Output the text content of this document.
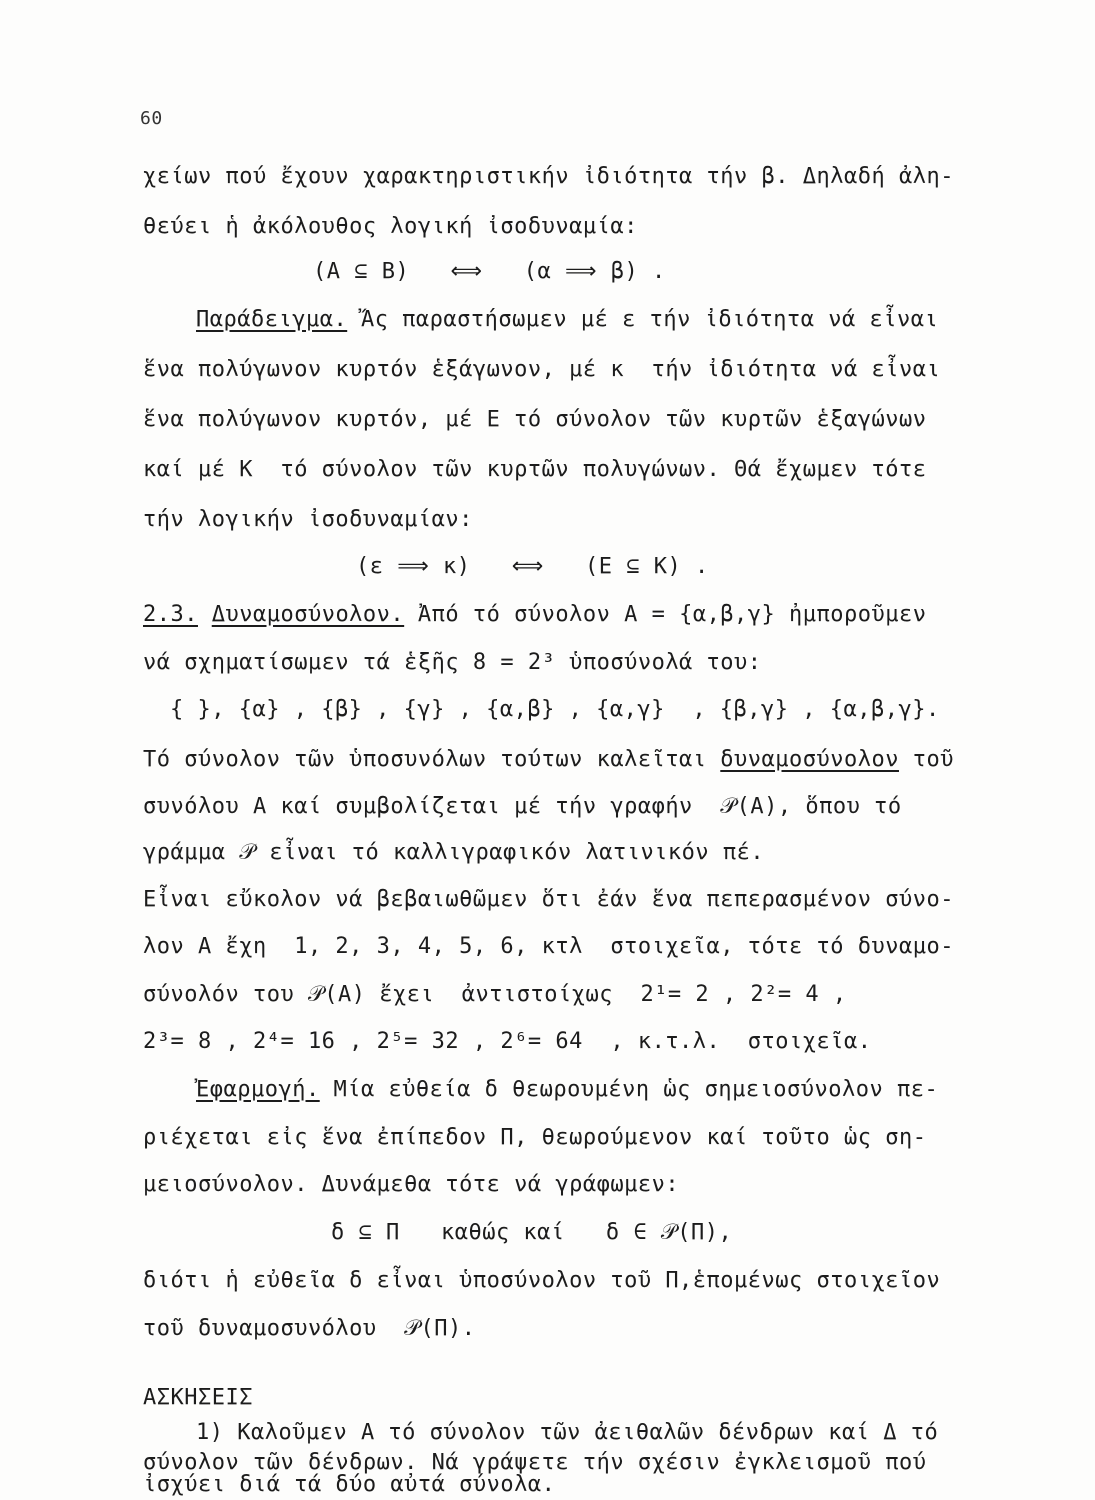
60
χείων πού ἔχουν χαρακτηριστικήν ἰδιότητα τήν β. Δηλαδή ἀλη-
θεύει ἡ ἀκόλουθος λογική ἰσοδυναμία:
(Α ⊆ Β)   ⟺   (α ⟹ β) .
Παράδειγμα. Ἄς παραστήσωμεν μέ ε τήν ἰδιότητα νά εἶναι
ἕνα πολύγωνον κυρτόν ἑξάγωνον, μέ κ  τήν ἰδιότητα νά εἶναι
ἕνα πολύγωνον κυρτόν, μέ Ε τό σύνολον τῶν κυρτῶν ἑξαγώνων
καί μέ Κ  τό σύνολον τῶν κυρτῶν πολυγώνων. Θά ἔχωμεν τότε
τήν λογικήν ἰσοδυναμίαν:
(ε ⟹ κ)   ⟺   (Ε ⊆ Κ) .
2.3. Δυναμοσύνολον. Ἀπό τό σύνολον Α = {α,β,γ} ἠμποροῦμεν
νά σχηματίσωμεν τά ἑξῆς 8 = 2³ ὑποσύνολά του:
{ }, {α} , {β} , {γ} , {α,β} , {α,γ}  , {β,γ} , {α,β,γ}.
Τό σύνολον τῶν ὑποσυνόλων τούτων καλεῖται δυναμοσύνολον τοῦ
συνόλου Α καί συμβολίζεται μέ τήν γραφήν  𝒫(Α), ὅπου τό
γράμμα 𝒫 εἶναι τό καλλιγραφικόν λατινικόν πέ.
Εἶναι εὔκολον νά βεβαιωθῶμεν ὅτι ἐάν ἕνα πεπερασμένον σύνο-
λον Α ἔχη  1, 2, 3, 4, 5, 6, κτλ  στοιχεῖα, τότε τό δυναμο-
σύνολόν του 𝒫(Α) ἔχει  ἀντιστοίχως  2¹= 2 , 2²= 4 ,
2³= 8 , 2⁴= 16 , 2⁵= 32 , 2⁶= 64  , κ.τ.λ.  στοιχεῖα.
Ἐφαρμογή. Μία εὐθεία δ θεωρουμένη ὡς σημειοσύνολον πε-
ριέχεται εἰς ἕνα ἐπίπεδον Π, θεωρούμενον καί τοῦτο ὡς ση-
μειοσύνολον. Δυνάμεθα τότε νά γράφωμεν:
δ ⊆ Π   καθώς καί   δ ∈ 𝒫(Π),
διότι ἡ εὐθεῖα δ εἶναι ὑποσύνολον τοῦ Π,ἑπομένως στοιχεῖον
τοῦ δυναμοσυνόλου  𝒫(Π).
ΑΣΚΗΣΕΙΣ
1) Καλοῦμεν Α τό σύνολον τῶν ἀειθαλῶν δένδρων καί Δ τό
σύνολον τῶν δένδρων. Νά γράψετε τήν σχέσιν ἐγκλεισμοῦ πού
ἰσχύει διά τά δύο αὐτά σύνολα.
